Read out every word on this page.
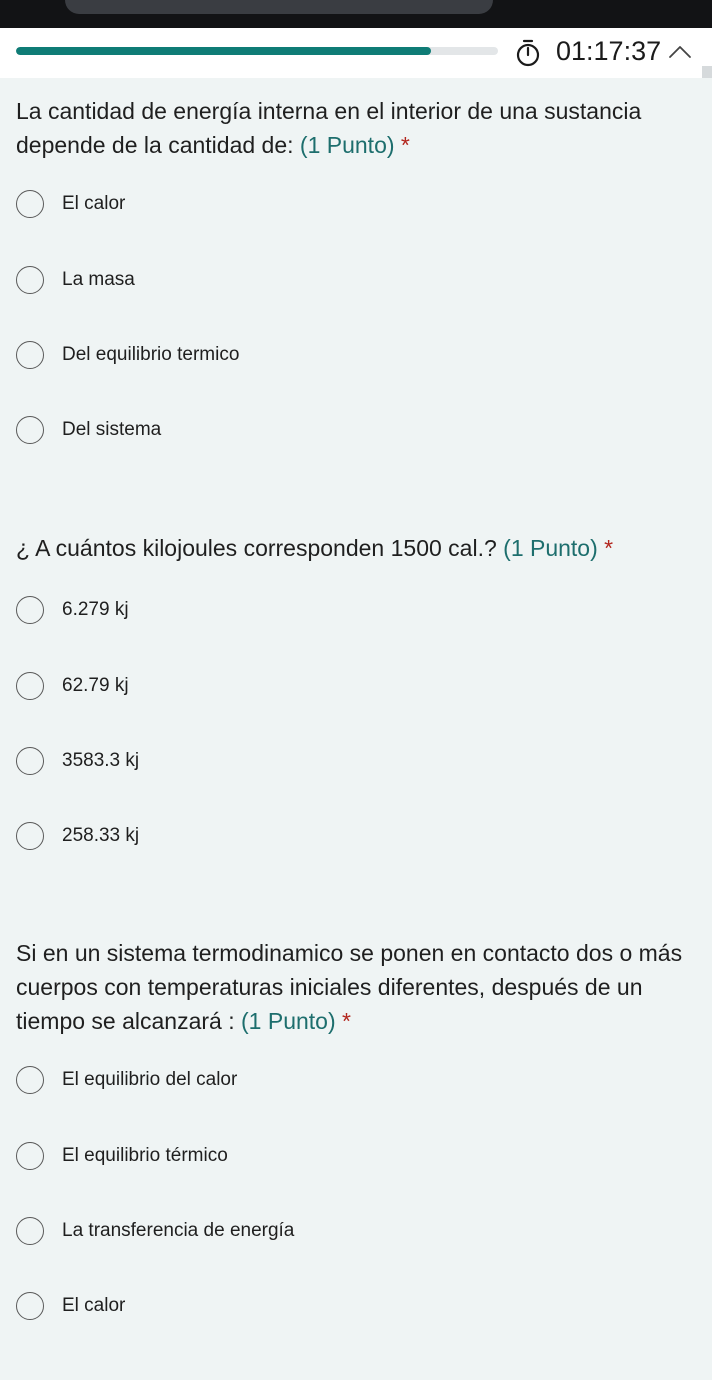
01:17:37
La cantidad de energía interna en el interior de una sustancia depende de la cantidad de: (1 Punto) *
El calor
La masa
Del equilibrio termico
Del sistema
¿ A cuántos kilojoules corresponden 1500 cal.? (1 Punto) *
6.279 kj
62.79 kj
3583.3 kj
258.33 kj
Si en un sistema termodinamico se ponen en contacto dos o más cuerpos con temperaturas iniciales diferentes, después de un tiempo se alcanzará : (1 Punto) *
El equilibrio del calor
El equilibrio térmico
La transferencia de energía
El calor
